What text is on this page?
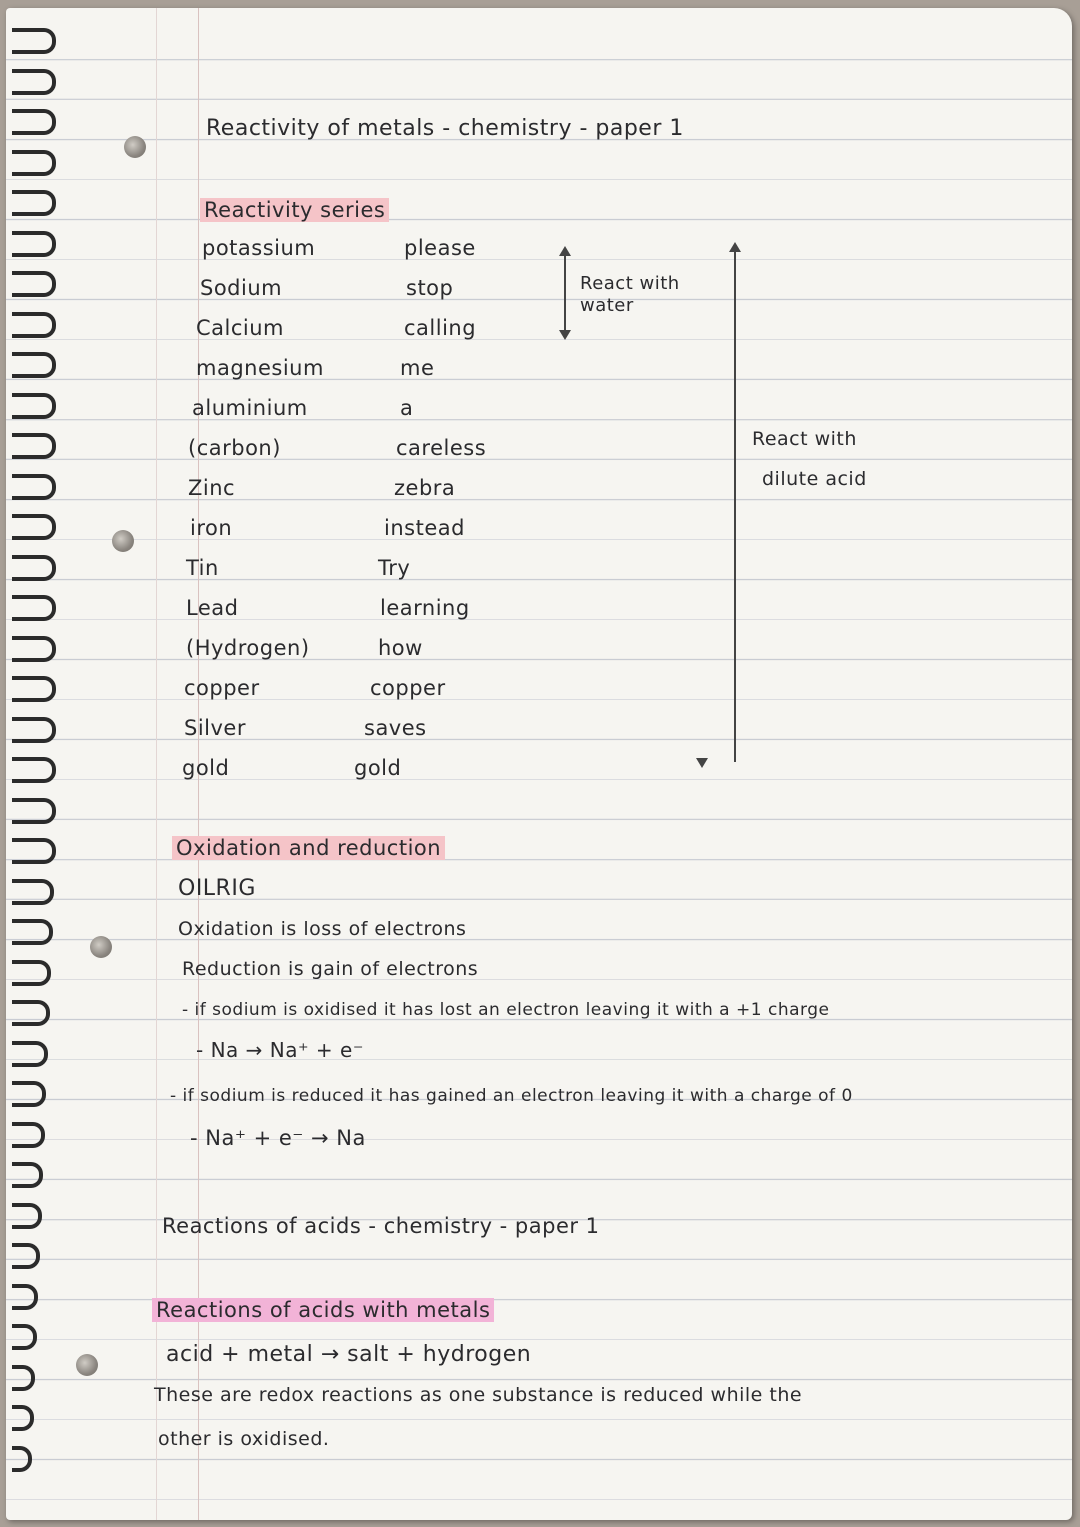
Reactivity of metals - chemistry - paper 1

Reactivity series

potassium	please

Sodium	stop

Calcium	calling

magnesium	me

aluminium	a

(carbon)	careless

Zinc	zebra

iron	instead

Tin	Try

Lead	learning

(Hydrogen)	how

copper	copper

Silver	saves

gold	gold

React with water

React with

dilute acid

Oxidation and reduction

OILRIG

Oxidation is loss of electrons

Reduction is gain of electrons

- if sodium is oxidised it has lost an electron leaving it with a +1 charge

- Na → Na⁺ + e⁻

- if sodium is reduced it has gained an electron leaving it with a charge of 0

- Na⁺ + e⁻ → Na

Reactions of acids - chemistry - paper 1

Reactions of acids with metals

acid + metal → salt + hydrogen

These are redox reactions as one substance is reduced while the

other is oxidised.
